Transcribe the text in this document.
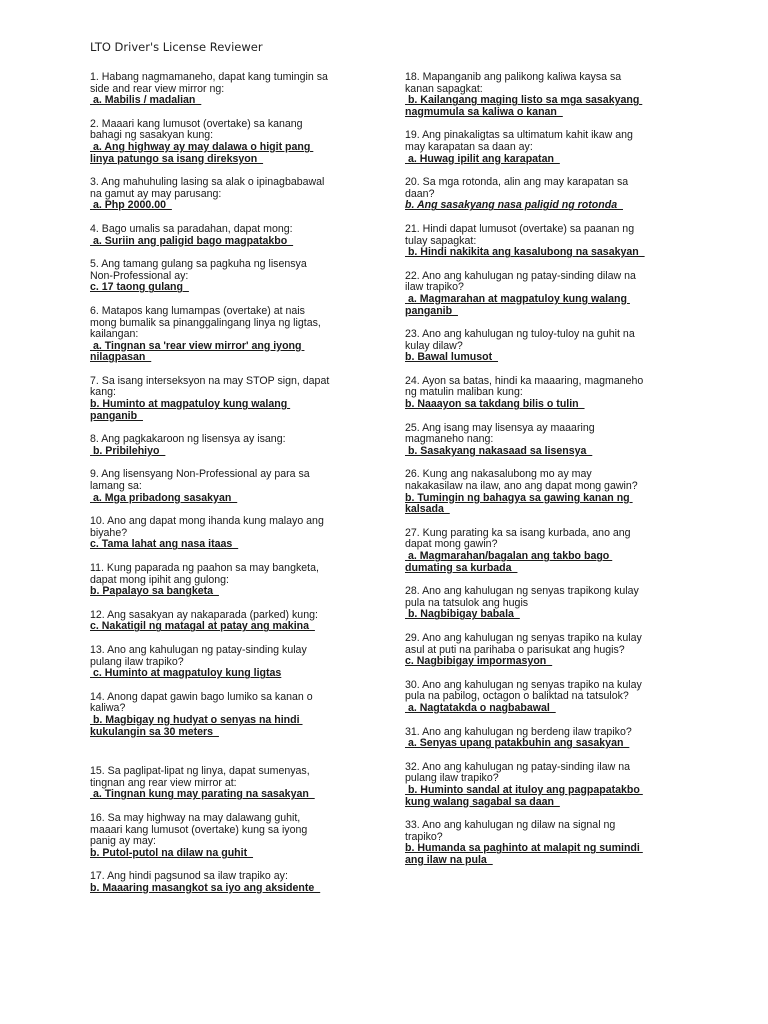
LTO Driver's License Reviewer
1. Habang nagmamaneho, dapat kang tumingin sa
side and rear view mirror ng:
a. Mabilis / madalian
2. Maaari kang lumusot (overtake) sa kanang
bahagi ng sasakyan kung:
a. Ang highway ay may dalawa o higit pang
linya patungo sa isang direksyon
3. Ang mahuhuling lasing sa alak o ipinagbabawal
na gamut ay may parusang:
a. Php 2000.00
4. Bago umalis sa paradahan, dapat mong:
a. Suriin ang paligid bago magpatakbo
5. Ang tamang gulang sa pagkuha ng lisensya
Non-Professional ay:
c. 17 taong gulang
6. Matapos kang lumampas (overtake) at nais
mong bumalik sa pinanggalingang linya ng ligtas,
kailangan:
a. Tingnan sa 'rear view mirror' ang iyong
nilagpasan
7. Sa isang interseksyon na may STOP sign, dapat
kang:
b. Huminto at magpatuloy kung walang
panganib
8. Ang pagkakaroon ng lisensya ay isang:
b. Pribilehiyo
9. Ang lisensyang Non-Professional ay para sa
lamang sa:
a. Mga pribadong sasakyan
10. Ano ang dapat mong ihanda kung malayo ang
biyahe?
c. Tama lahat ang nasa itaas
11. Kung paparada ng paahon sa may bangketa,
dapat mong ipihit ang gulong:
b. Papalayo sa bangketa
12. Ang sasakyan ay nakaparada (parked) kung:
c. Nakatigil ng matagal at patay ang makina
13. Ano ang kahulugan ng patay-sinding kulay
pulang ilaw trapiko?
c. Huminto at magpatuloy kung ligtas
14. Anong dapat gawin bago lumiko sa kanan o
kaliwa?
b. Magbigay ng hudyat o senyas na hindi
kukulangin sa 30 meters
15. Sa paglipat-lipat ng linya, dapat sumenyas,
tingnan ang rear view mirror at:
a. Tingnan kung may parating na sasakyan
16. Sa may highway na may dalawang guhit,
maaari kang lumusot (overtake) kung sa iyong
panig ay may:
b. Putol-putol na dilaw na guhit
17. Ang hindi pagsunod sa ilaw trapiko ay:
b. Maaaring masangkot sa iyo ang aksidente
18. Mapanganib ang palikong kaliwa kaysa sa
kanan sapagkat:
b. Kailangang maging listo sa mga sasakyang
nagmumula sa kaliwa o kanan
19. Ang pinakaligtas sa ultimatum kahit ikaw ang
may karapatan sa daan ay:
a. Huwag ipilit ang karapatan
20. Sa mga rotonda, alin ang may karapatan sa
daan?
b. Ang sasakyang nasa paligid ng rotonda
21. Hindi dapat lumusot (overtake) sa paanan ng
tulay sapagkat:
b. Hindi nakikita ang kasalubong na sasakyan
22. Ano ang kahulugan ng patay-sinding dilaw na
ilaw trapiko?
a. Magmarahan at magpatuloy kung walang
panganib
23. Ano ang kahulugan ng tuloy-tuloy na guhit na
kulay dilaw?
b. Bawal lumusot
24. Ayon sa batas, hindi ka maaaring, magmaneho
ng matulin maliban kung:
b. Naaayon sa takdang bilis o tulin
25. Ang isang may lisensya ay maaaring
magmaneho nang:
b. Sasakyang nakasaad sa lisensya
26. Kung ang nakasalubong mo ay may
nakakasilaw na ilaw, ano ang dapat mong gawin?
b. Tumingin ng bahagya sa gawing kanan ng
kalsada
27. Kung parating ka sa isang kurbada, ano ang
dapat mong gawin?
a. Magmarahan/bagalan ang takbo bago
dumating sa kurbada
28. Ano ang kahulugan ng senyas trapikong kulay
pula na tatsulok ang hugis
b. Nagbibigay babala
29. Ano ang kahulugan ng senyas trapiko na kulay
asul at puti na parihaba o parisukat ang hugis?
c. Nagbibigay impormasyon
30. Ano ang kahulugan ng senyas trapiko na kulay
pula na pabilog, octagon o baliktad na tatsulok?
a. Nagtatakda o nagbabawal
31. Ano ang kahulugan ng berdeng ilaw trapiko?
a. Senyas upang patakbuhin ang sasakyan
32. Ano ang kahulugan ng patay-sinding ilaw na
pulang ilaw trapiko?
b. Huminto sandal at ituloy ang pagpapatakbo
kung walang sagabal sa daan
33. Ano ang kahulugan ng dilaw na signal ng
trapiko?
b. Humanda sa paghinto at malapit ng sumindi
ang ilaw na pula
